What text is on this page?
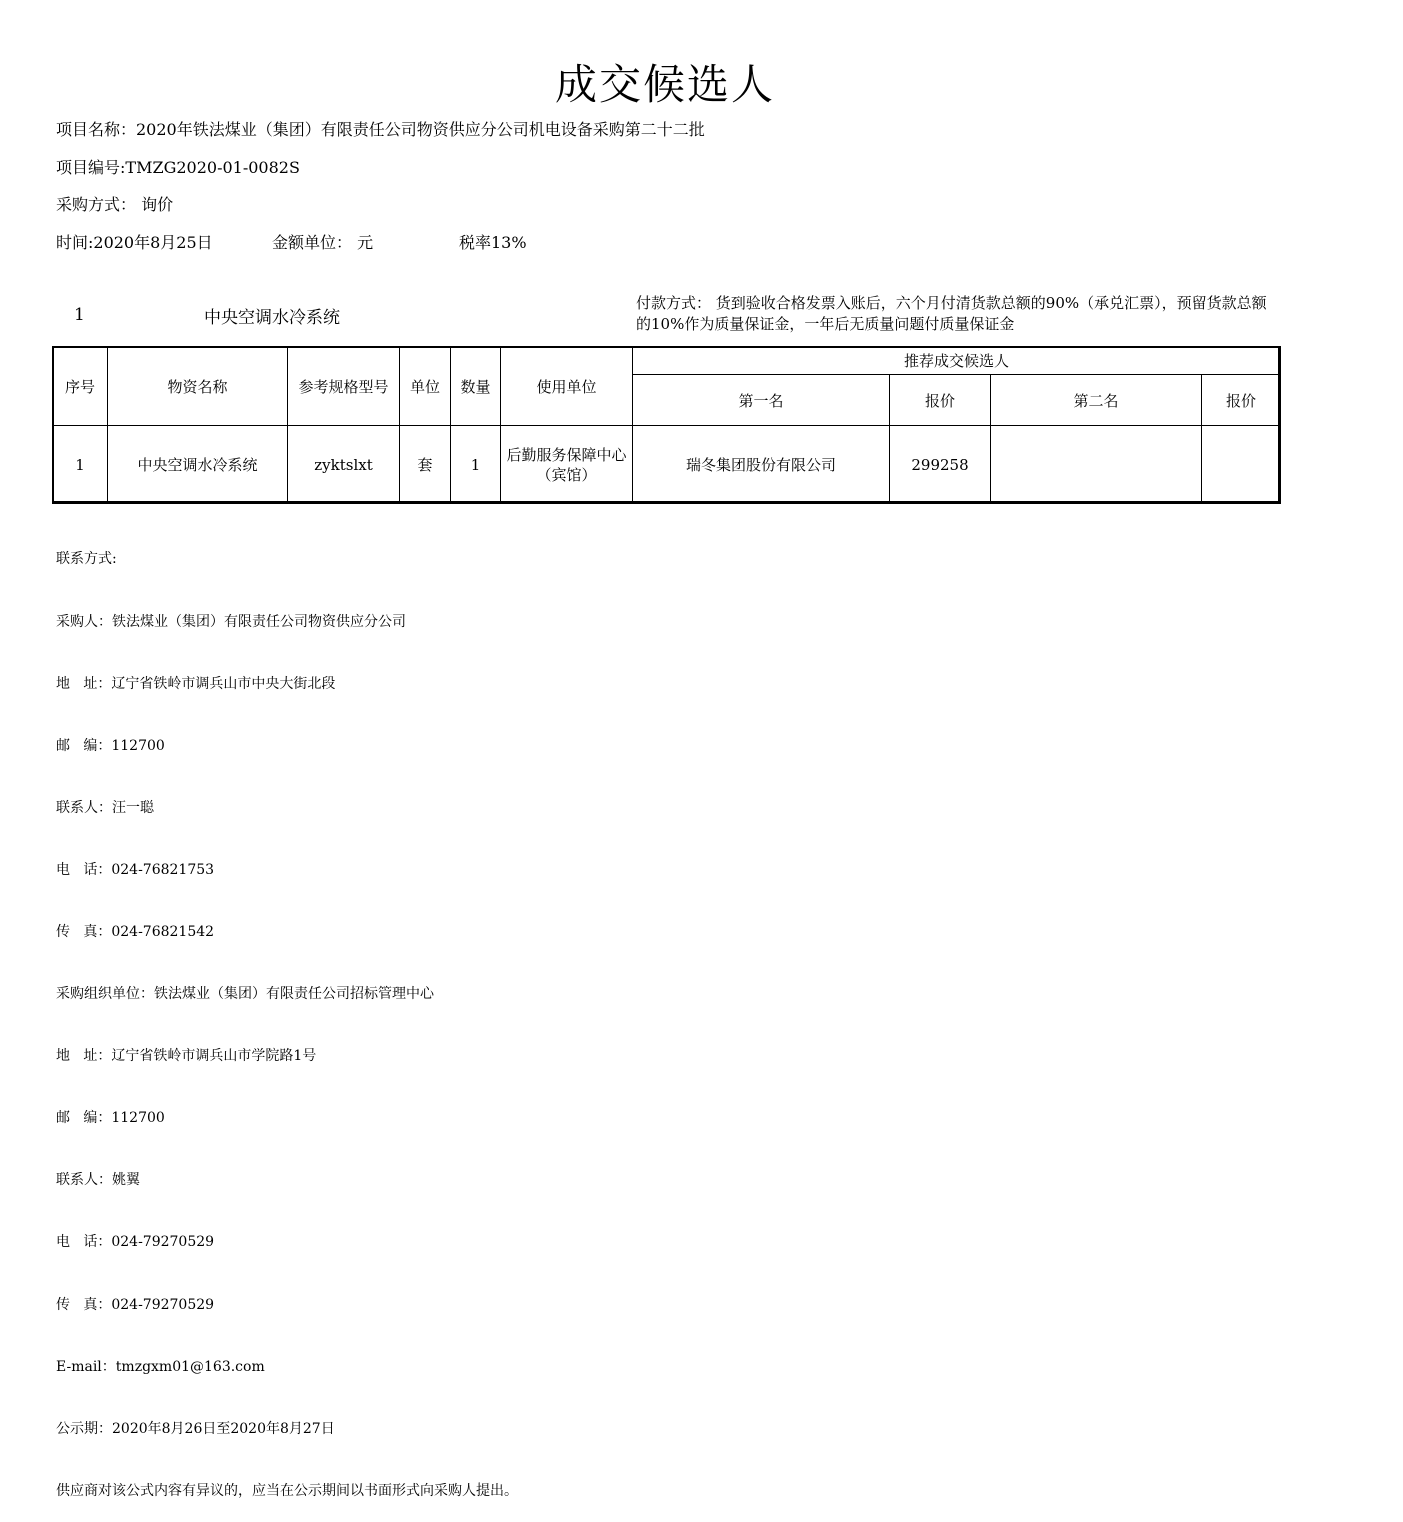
成交候选人
项目名称：2020年铁法煤业（集团）有限责任公司物资供应分公司机电设备采购第二十二批
项目编号:TMZG2020-01-0082S
采购方式： 询价
时间:2020年8月25日	金额单位： 元	税率13%
1	中央空调水冷系统
付款方式： 货到验收合格发票入账后，六个月付清货款总额的90%（承兑汇票），预留货款总额的10%作为质量保证金，一年后无质量问题付质量保证金
序号	物资名称	参考规格型号	单位	数量	使用单位	推荐成交候选人			
						第一名	报价	第二名	报价
1	中央空调水冷系统	zyktslxt	套	1	后勤服务保障中心（宾馆）	瑞冬集团股份有限公司	299258		

联系方式:

采购人：铁法煤业（集团）有限责任公司物资供应分公司

地   址：辽宁省铁岭市调兵山市中央大街北段

邮   编：112700

联系人：汪一聪

电   话：024-76821753

传   真：024-76821542

采购组织单位：铁法煤业（集团）有限责任公司招标管理中心

地   址：辽宁省铁岭市调兵山市学院路1号

邮   编：112700

联系人：姚翼

电   话：024-79270529

传   真：024-79270529

E-mail：tmzgxm01@163.com

公示期：2020年8月26日至2020年8月27日

供应商对该公式内容有异议的，应当在公示期间以书面形式向采购人提出。
